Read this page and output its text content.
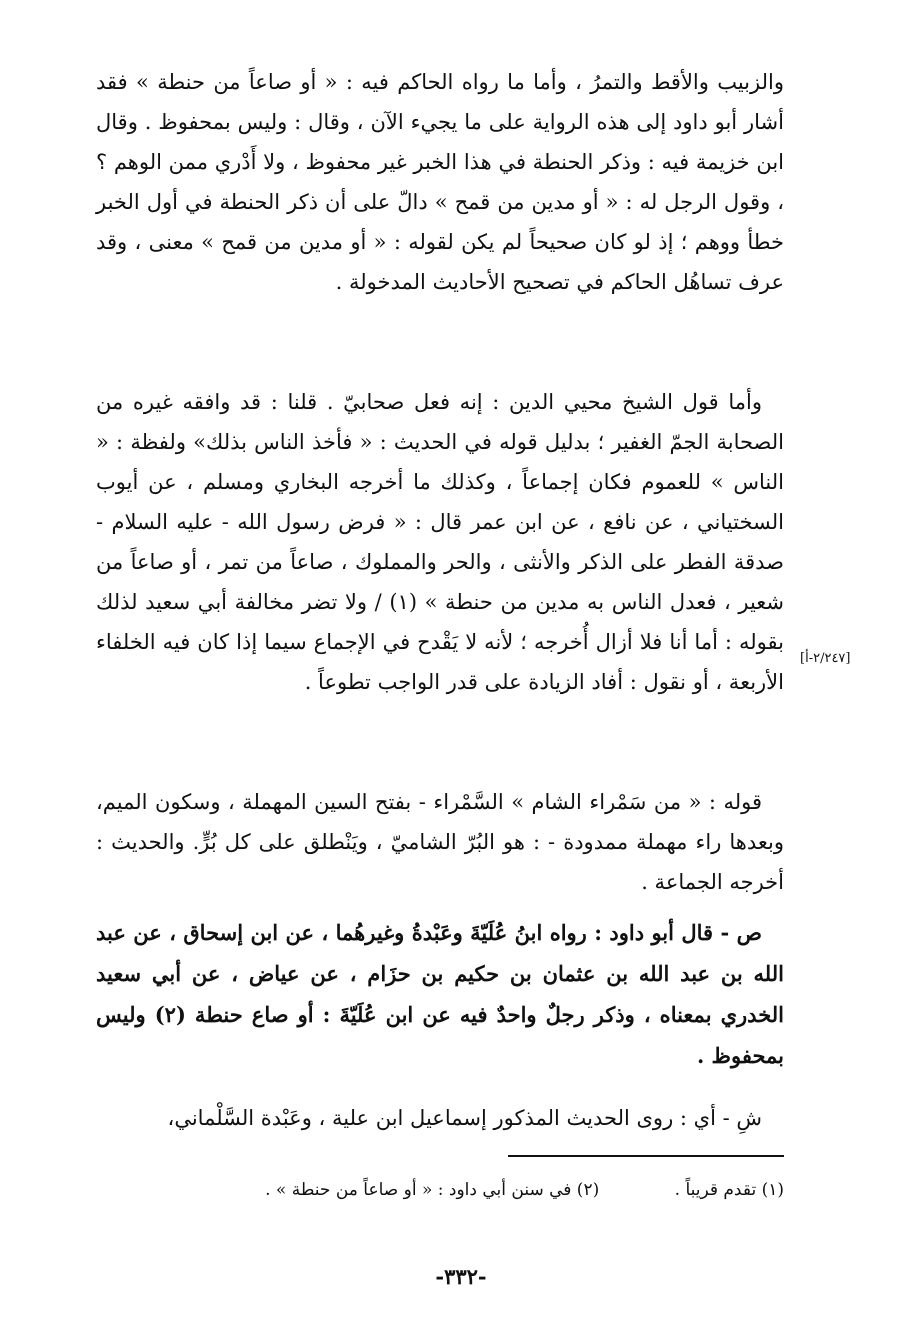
والزبيب والأقط والتمرُ ، وأما ما رواه الحاكم فيه : « أو صاعاً من حنطة » فقد أشار أبو داود إلى هذه الرواية على ما يجيء الآن ، وقال : وليس بمحفوظ . وقال ابن خزيمة فيه : وذكر الحنطة في هذا الخبر غير محفوظ ، ولا أَدْري ممن الوهم ؟ ، وقول الرجل له : « أو مدين من قمح » دالّ على أن ذكر الحنطة في أول الخبر خطأ ووهم ؛ إذ لو كان صحيحاً لم يكن لقوله : « أو مدين من قمح » معنى ، وقد عرف تساهُل الحاكم في تصحيح الأحاديث المدخولة .

وأما قول الشيخ محيي الدين : إنه فعل صحابيّ . قلنا : قد وافقه غيره من الصحابة الجمّ الغفير ؛ بدليل قوله في الحديث : « فأخذ الناس بذلك» ولفظة : « الناس » للعموم فكان إجماعاً ، وكذلك ما أخرجه البخاري ومسلم ، عن أيوب السختياني ، عن نافع ، عن ابن عمر قال : « فرض رسول الله - عليه السلام - صدقة الفطر على الذكر والأنثى ، والحر والمملوك ، صاعاً من تمر ، أو صاعاً من شعير ، فعدل الناس به مدين من حنطة » (١) / ولا تضر مخالفة أبي سعيد لذلك بقوله : أما أنا فلا أزال أُخرجه ؛ لأنه لا يَقْدح في الإجماع سيما إذا كان فيه الخلفاء الأربعة ، أو نقول : أفاد الزيادة على قدر الواجب تطوعاً .

[٢/٢٤٧-أ]

قوله : « من سَمْراء الشام » السَّمْراء - بفتح السين المهملة ، وسكون الميم، وبعدها راء مهملة ممدودة - : هو البُرّ الشاميّ ، ويَنْطلق على كل بُرٍّ. والحديث : أخرجه الجماعة .

ص - قال أبو داود : رواه ابنُ عُلَيّةَ وعَبْدةُ وغيرهُما ، عن ابن إسحاق ، عن عبد الله بن عبد الله بن عثمان بن حكيم بن حزَام ، عن عياض ، عن أبي سعيد الخدري بمعناه ، وذكر رجلٌ واحدٌ فيه عن ابن عُلَيّةَ : أو صاع حنطة (٢) وليس بمحفوظ .

شِ - أي : روى الحديث المذكور إسماعيل ابن علية ، وعَبْدة السَّلْماني،

(١) تقدم قريباً . (٢) في سنن أبي داود : « أو صاعاً من حنطة » .
-٣٣٢-
